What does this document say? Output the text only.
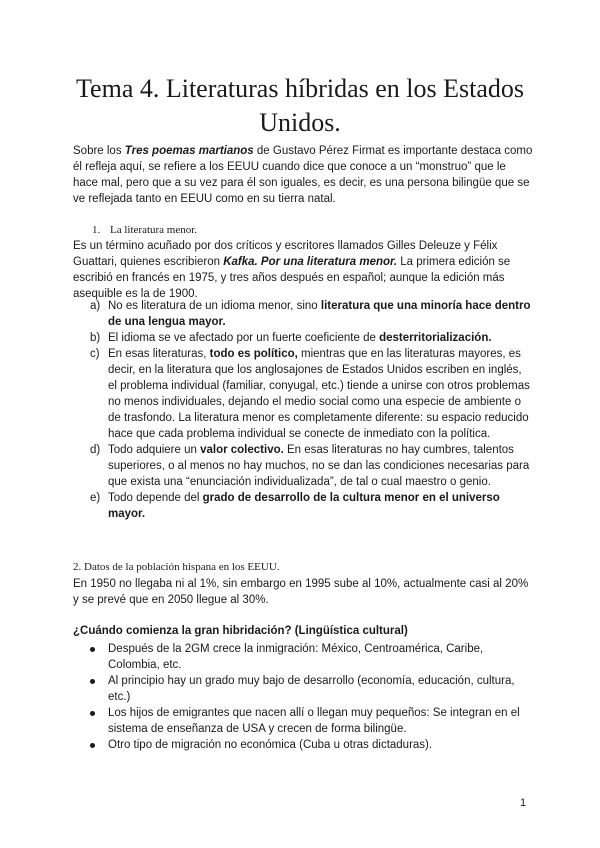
Tema 4. Literaturas híbridas en los Estados Unidos.

Sobre los Tres poemas martianos de Gustavo Pérez Firmat es importante destaca como él refleja aquí, se refiere a los EEUU cuando dice que conoce a un “monstruo” que le hace mal, pero que a su vez para él son iguales, es decir, es una persona bilingüe que se ve reflejada tanto en EEUU como en su tierra natal.

1. La literatura menor.

Es un término acuñado por dos críticos y escritores llamados Gilles Deleuze y Félix Guattari, quienes escribieron Kafka. Por una literatura menor. La primera edición se escribió en francés en 1975, y tres años después en español; aunque la edición más asequible es la de 1900.

a) No es literatura de un idioma menor, sino literatura que una minoría hace dentro de una lengua mayor.
b) El idioma se ve afectado por un fuerte coeficiente de desterritorialización.
c) En esas literaturas, todo es político, mientras que en las literaturas mayores, es decir, en la literatura que los anglosajones de Estados Unidos escriben en inglés, el problema individual (familiar, conyugal, etc.) tiende a unirse con otros problemas no menos individuales, dejando el medio social como una especie de ambiente o de trasfondo. La literatura menor es completamente diferente: su espacio reducido hace que cada problema individual se conecte de inmediato con la política.
d) Todo adquiere un valor colectivo. En esas literaturas no hay cumbres, talentos superiores, o al menos no hay muchos, no se dan las condiciones necesarias para que exista una “enunciación individualizada”, de tal o cual maestro o genio.
e) Todo depende del grado de desarrollo de la cultura menor en el universo mayor.
2. Datos de la población hispana en los EEUU.

En 1950 no llegaba ni al 1%, sin embargo en 1995 sube al 10%, actualmente casi al 20% y se prevé que en 2050 llegue al 30%.

¿Cuándo comienza la gran hibridación? (Lingüística cultural)
Después de la 2GM crece la inmigración: México, Centroamérica, Caribe, Colombia, etc.
Al principio hay un grado muy bajo de desarrollo (economía, educación, cultura, etc.)
Los hijos de emigrantes que nacen allí o llegan muy pequeños: Se integran en el sistema de enseñanza de USA y crecen de forma bilingüe.
Otro tipo de migración no económica (Cuba u otras dictaduras).
1
